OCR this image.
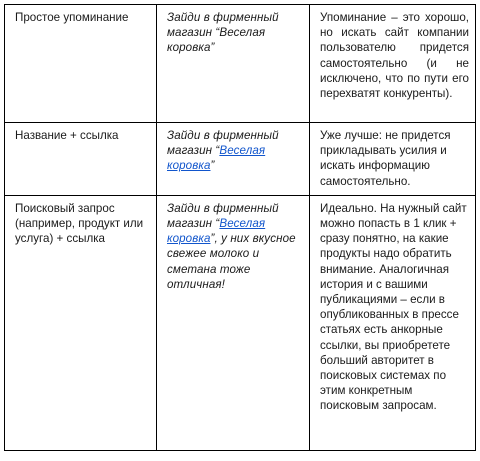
Простое упоминание	Зайди в фирменный магазин “Веселая коровка”	Упоминание – это хорошо, но искать сайт компании пользователю придется самостоятельно (и не исключено, что по пути его перехватят конкуренты).
Название + ссылка	Зайди в фирменный магазин “Веселая коровка”	Уже лучше: не придется прикладывать усилия и искать информацию самостоятельно.
Поисковый запрос (например, продукт или услуга) + ссылка	Зайди в фирменный магазин “Веселая коровка”, у них вкусное свежее молоко и сметана тоже отличная!	Идеально. На нужный сайт можно попасть в 1 клик + сразу понятно, на какие продукты надо обратить внимание. Аналогичная история и с вашими публикациями – если в опубликованных в прессе статьях есть анкорные ссылки, вы приобретете больший авторитет в поисковых системах по этим конкретным поисковым запросам.
